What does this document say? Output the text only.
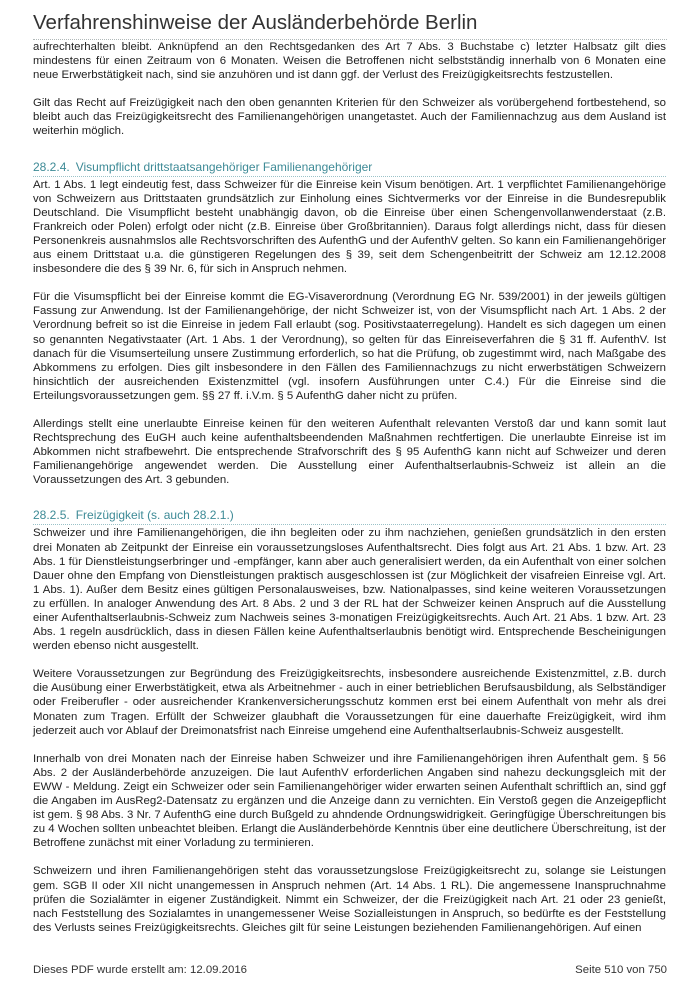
Verfahrenshinweise der Ausländerbehörde Berlin

aufrechterhalten bleibt. Anknüpfend an den Rechtsgedanken des Art 7 Abs. 3 Buchstabe c) letzter Halbsatz gilt dies mindestens für einen Zeitraum von 6 Monaten. Weisen die Betroffenen nicht selbstständig innerhalb von 6 Monaten eine neue Erwerbstätigkeit nach, sind sie anzuhören und ist dann ggf. der Verlust des Freizügigkeitsrechts festzustellen.

Gilt das Recht auf Freizügigkeit nach den oben genannten Kriterien für den Schweizer als vorübergehend fortbestehend, so bleibt auch das Freizügigkeitsrecht des Familienangehörigen unangetastet. Auch der Familiennachzug aus dem Ausland ist weiterhin möglich.

28.2.4. Visumpflicht drittstaatsangehöriger Familienangehöriger

Art. 1 Abs. 1 legt eindeutig fest, dass Schweizer für die Einreise kein Visum benötigen. Art. 1 verpflichtet Familienangehörige von Schweizern aus Drittstaaten grundsätzlich zur Einholung eines Sichtvermerks vor der Einreise in die Bundesrepublik Deutschland. Die Visumpflicht besteht unabhängig davon, ob die Einreise über einen Schengenvollanwenderstaat (z.B. Frankreich oder Polen) erfolgt oder nicht (z.B. Einreise über Großbritannien). Daraus folgt allerdings nicht, dass für diesen Personenkreis ausnahmslos alle Rechtsvorschriften des AufenthG und der AufenthV gelten. So kann ein Familienangehöriger aus einem Drittstaat u.a. die günstigeren Regelungen des § 39, seit dem Schengenbeitritt der Schweiz am 12.12.2008 insbesondere die des § 39 Nr. 6, für sich in Anspruch nehmen.

Für die Visumspflicht bei der Einreise kommt die EG-Visaverordnung (Verordnung EG Nr. 539/2001) in der jeweils gültigen Fassung zur Anwendung. Ist der Familienangehörige, der nicht Schweizer ist, von der Visumspflicht nach Art. 1 Abs. 2 der Verordnung befreit so ist die Einreise in jedem Fall erlaubt (sog. Positivstaaterregelung). Handelt es sich dagegen um einen so genannten Negativstaater (Art. 1 Abs. 1 der Verordnung), so gelten für das Einreiseverfahren die § 31 ff. AufenthV. Ist danach für die Visumserteilung unsere Zustimmung erforderlich, so hat die Prüfung, ob zugestimmt wird, nach Maßgabe des Abkommens zu erfolgen. Dies gilt insbesondere in den Fällen des Familiennachzugs zu nicht erwerbstätigen Schweizern hinsichtlich der ausreichenden Existenzmittel (vgl. insofern Ausführungen unter C.4.) Für die Einreise sind die Erteilungsvoraussetzungen gem. §§ 27 ff. i.V.m. § 5 AufenthG daher nicht zu prüfen.

Allerdings stellt eine unerlaubte Einreise keinen für den weiteren Aufenthalt relevanten Verstoß dar und kann somit laut Rechtsprechung des EuGH auch keine aufenthaltsbeendenden Maßnahmen rechtfertigen. Die unerlaubte Einreise ist im Abkommen nicht strafbewehrt. Die entsprechende Strafvorschrift des § 95 AufenthG kann nicht auf Schweizer und deren Familienangehörige angewendet werden. Die Ausstellung einer Aufenthaltserlaubnis-Schweiz ist allein an die Voraussetzungen des Art. 3 gebunden.

28.2.5. Freizügigkeit (s. auch 28.2.1.)

Schweizer und ihre Familienangehörigen, die ihn begleiten oder zu ihm nachziehen, genießen grundsätzlich in den ersten drei Monaten ab Zeitpunkt der Einreise ein voraussetzungsloses Aufenthaltsrecht. Dies folgt aus Art. 21 Abs. 1 bzw. Art. 23 Abs. 1 für Dienstleistungserbringer und -empfänger, kann aber auch generalisiert werden, da ein Aufenthalt von einer solchen Dauer ohne den Empfang von Dienstleistungen praktisch ausgeschlossen ist (zur Möglichkeit der visafreien Einreise vgl. Art. 1 Abs. 1). Außer dem Besitz eines gültigen Personalausweises, bzw. Nationalpasses, sind keine weiteren Voraussetzungen zu erfüllen. In analoger Anwendung des Art. 8 Abs. 2 und 3 der RL hat der Schweizer keinen Anspruch auf die Ausstellung einer Aufenthaltserlaubnis-Schweiz zum Nachweis seines 3-monatigen Freizügigkeitsrechts. Auch Art. 21 Abs. 1 bzw. Art. 23 Abs. 1 regeln ausdrücklich, dass in diesen Fällen keine Aufenthaltserlaubnis benötigt wird. Entsprechende Bescheinigungen werden ebenso nicht ausgestellt.

Weitere Voraussetzungen zur Begründung des Freizügigkeitsrechts, insbesondere ausreichende Existenzmittel, z.B. durch die Ausübung einer Erwerbstätigkeit, etwa als Arbeitnehmer - auch in einer betrieblichen Berufsausbildung, als Selbständiger oder Freiberufler - oder ausreichender Krankenversicherungsschutz kommen erst bei einem Aufenthalt von mehr als drei Monaten zum Tragen. Erfüllt der Schweizer glaubhaft die Voraussetzungen für eine dauerhafte Freizügigkeit, wird ihm jederzeit auch vor Ablauf der Dreimonatsfrist nach Einreise umgehend eine Aufenthaltserlaubnis-Schweiz ausgestellt.

Innerhalb von drei Monaten nach der Einreise haben Schweizer und ihre Familienangehörigen ihren Aufenthalt gem. § 56 Abs. 2 der Ausländerbehörde anzuzeigen. Die laut AufenthV erforderlichen Angaben sind nahezu deckungsgleich mit der EWW - Meldung. Zeigt ein Schweizer oder sein Familienangehöriger wider erwarten seinen Aufenthalt schriftlich an, sind ggf die Angaben im AusReg2-Datensatz zu ergänzen und die Anzeige dann zu vernichten. Ein Verstoß gegen die Anzeigepflicht ist gem. § 98 Abs. 3 Nr. 7 AufenthG eine durch Bußgeld zu ahndende Ordnungswidrigkeit. Geringfügige Überschreitungen bis zu 4 Wochen sollten unbeachtet bleiben. Erlangt die Ausländerbehörde Kenntnis über eine deutlichere Überschreitung, ist der Betroffene zunächst mit einer Vorladung zu terminieren.

Schweizern und ihren Familienangehörigen steht das voraussetzungslose Freizügigkeitsrecht zu, solange sie Leistungen gem. SGB II oder XII nicht unangemessen in Anspruch nehmen (Art. 14 Abs. 1 RL). Die angemessene Inanspruchnahme prüfen die Sozialämter in eigener Zuständigkeit. Nimmt ein Schweizer, der die Freizügigkeit nach Art. 21 oder 23 genießt, nach Feststellung des Sozialamtes in unangemessener Weise Sozialleistungen in Anspruch, so bedürfte es der Feststellung des Verlusts seines Freizügigkeitsrechts. Gleiches gilt für seine Leistungen beziehenden Familienangehörigen. Auf einen

Dieses PDF wurde erstellt am: 12.09.2016	Seite 510 von 750
